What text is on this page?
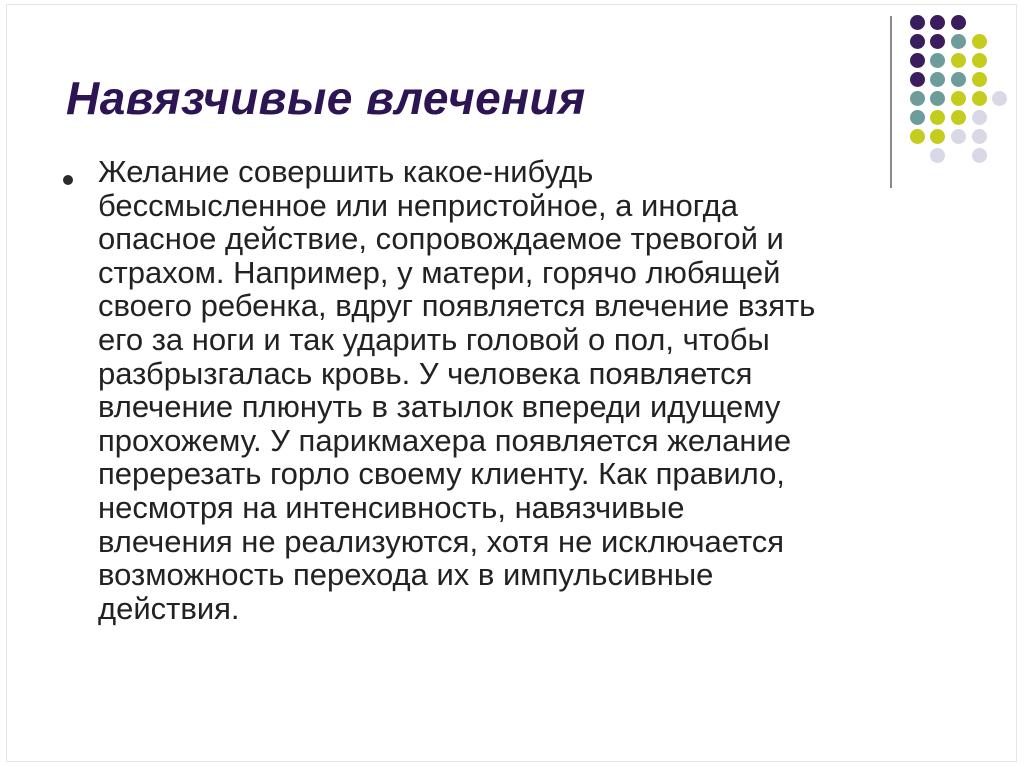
Навязчивые влечения
Желание совершить какое-нибудь
бессмысленное или непристойное, а иногда
опасное действие, сопровождаемое тревогой и
страхом. Например, у матери, горячо любящей
своего ребенка, вдруг появляется влечение взять
его за ноги и так ударить головой о пол, чтобы
разбрызгалась кровь. У человека появляется
влечение плюнуть в затылок впереди идущему
прохожему. У парикмахера появляется желание
перерезать горло своему клиенту. Как правило,
несмотря на интенсивность, навязчивые
влечения не реализуются, хотя не исключается
возможность перехода их в импульсивные
действия.
